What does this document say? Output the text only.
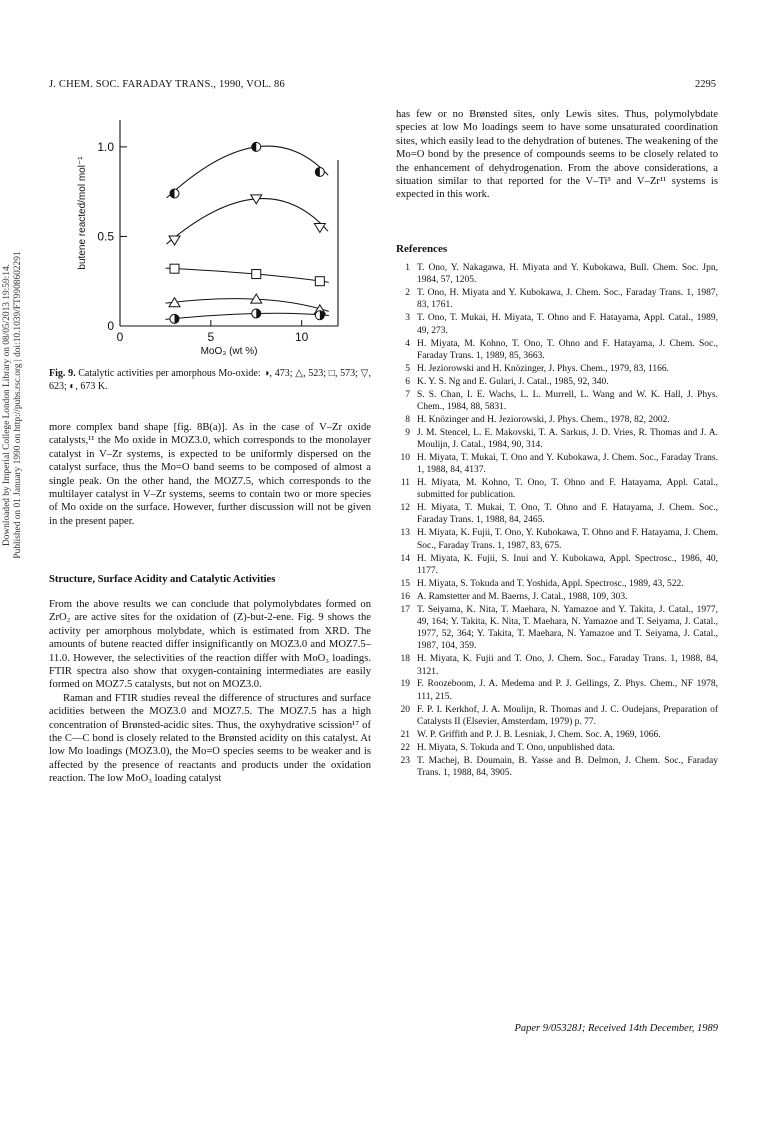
Downloaded by Imperial College London Library on 08/05/2013 19:59:14. Published on 01 January 1990 on http://pubs.rsc.org | doi:10.1039/FT9908602291
J. CHEM. SOC. FARADAY TRANS., 1990, VOL. 86	2295
0
0.5
1.0
0	5	10
MoO₃ (wt %)
butene reacted/mol mol⁻¹
Fig. 9. Catalytic activities per amorphous Mo-oxide: ◑, 473; △, 523; □, 573; ▽, 623; ◐, 673 K.

more complex band shape [fig. 8B(a)]. As in the case of V–Zr oxide catalysts,¹¹ the Mo oxide in MOZ3.0, which corresponds to the monolayer catalyst in V–Zr systems, is expected to be uniformly dispersed on the catalyst surface, thus the Mo=O band seems to be composed of almost a single peak. On the other hand, the MOZ7.5, which corresponds to the multilayer catalyst in V–Zr systems, seems to contain two or more species of Mo oxide on the surface. However, further discussion will not be given in the present paper.

Structure, Surface Acidity and Catalytic Activities

From the above results we can conclude that polymolybdates formed on ZrO₂ are active sites for the oxidation of (Z)-but-2-ene. Fig. 9 shows the activity per amorphous molybdate, which is estimated from XRD. The amounts of butene reacted differ insignificantly on MOZ3.0 and MOZ7.5–11.0. However, the selectivities of the reaction differ with MoO₃ loadings. FTIR spectra also show that oxygen-containing intermediates are easily formed on MOZ7.5 catalysts, but not on MOZ3.0.

Raman and FTIR studies reveal the difference of structures and surface acidities between the MOZ3.0 and MOZ7.5. The MOZ7.5 has a high concentration of Brønsted-acidic sites. Thus, the oxyhydrative scission¹⁷ of the C—C bond is closely related to the Brønsted acidity on this catalyst. At low Mo loadings (MOZ3.0), the Mo=O species seems to be weaker and is affected by the presence of reactants and products under the oxidation reaction. The low MoO₃ loading catalyst

has few or no Brønsted sites, only Lewis sites. Thus, polymolybdate species at low Mo loadings seem to have some unsaturated coordination sites, which easily lead to the dehydration of butenes. The weakening of the Mo=O bond by the presence of compounds seems to be closely related to the enhancement of dehydrogenation. From the above considerations, a situation similar to that reported for the V–Ti³ and V–Zr¹¹ systems is expected in this work.

References
1 T. Ono, Y. Nakagawa, H. Miyata and Y. Kubokawa, Bull. Chem. Soc. Jpn, 1984, 57, 1205.
2 T. Ono, H. Miyata and Y. Kubokawa, J. Chem. Soc., Faraday Trans. 1, 1987, 83, 1761.
3 T. Ono, T. Mukai, H. Miyata, T. Ohno and F. Hatayama, Appl. Catal., 1989, 49, 273.
4 H. Miyata, M. Kohno, T. Ono, T. Ohno and F. Hatayama, J. Chem. Soc., Faraday Trans. 1, 1989, 85, 3663.
5 H. Jeziorowski and H. Knözinger, J. Phys. Chem., 1979, 83, 1166.
6 K. Y. S. Ng and E. Gulari, J. Catal., 1985, 92, 340.
7 S. S. Chan, I. E. Wachs, L. L. Murrell, L. Wang and W. K. Hall, J. Phys. Chem., 1984, 88, 5831.
8 H. Knözinger and H. Jeziorowski, J. Phys. Chem., 1978, 82, 2002.
9 J. M. Stencel, L. E. Makovski, T. A. Sarkus, J. D. Vries, R. Thomas and J. A. Moulijn, J. Catal., 1984, 90, 314.
10 H. Miyata, T. Mukai, T. Ono and Y. Kubokawa, J. Chem. Soc., Faraday Trans. 1, 1988, 84, 4137.
11 H. Miyata, M. Kohno, T. Ono, T. Ohno and F. Hatayama, Appl. Catal., submitted for publication.
12 H. Miyata, T. Mukai, T. Ono, T. Ohno and F. Hatayama, J. Chem. Soc., Faraday Trans. 1, 1988, 84, 2465.
13 H. Miyata, K. Fujii, T. Ono, Y. Kubokawa, T. Ohno and F. Hatayama, J. Chem. Soc., Faraday Trans. 1, 1987, 83, 675.
14 H. Miyata, K. Fujii, S. Inui and Y. Kubokawa, Appl. Spectrosc., 1986, 40, 1177.
15 H. Miyata, S. Tokuda and T. Yoshida, Appl. Spectrosc., 1989, 43, 522.
16 A. Ramstetter and M. Baerns, J. Catal., 1988, 109, 303.
17 T. Seiyama, K. Nita, T. Maehara, N. Yamazoe and Y. Takita, J. Catal., 1977, 49, 164; Y. Takita, K. Nita, T. Maehara, N. Yamazoe and T. Seiyama, J. Catal., 1977, 52, 364; Y. Takita, T. Maehara, N. Yamazoe and T. Seiyama, J. Catal., 1987, 104, 359.
18 H. Miyata, K. Fujii and T. Ono, J. Chem. Soc., Faraday Trans. 1, 1988, 84, 3121.
19 F. Roozeboom, J. A. Medema and P. J. Gellings, Z. Phys. Chem., NF 1978, 111, 215.
20 F. P. I. Kerkhof, J. A. Moulijn, R. Thomas and J. C. Oudejans, Preparation of Catalysts II (Elsevier, Amsterdam, 1979) p. 77.
21 W. P. Griffith and P. J. B. Lesniak, J. Chem. Soc. A, 1969, 1066.
22 H. Miyata, S. Tokuda and T. Ono, unpublished data.
23 T. Machej, B. Doumain, B. Yasse and B. Delmon, J. Chem. Soc., Faraday Trans. 1, 1988, 84, 3905.
Paper 9/05328J; Received 14th December, 1989
